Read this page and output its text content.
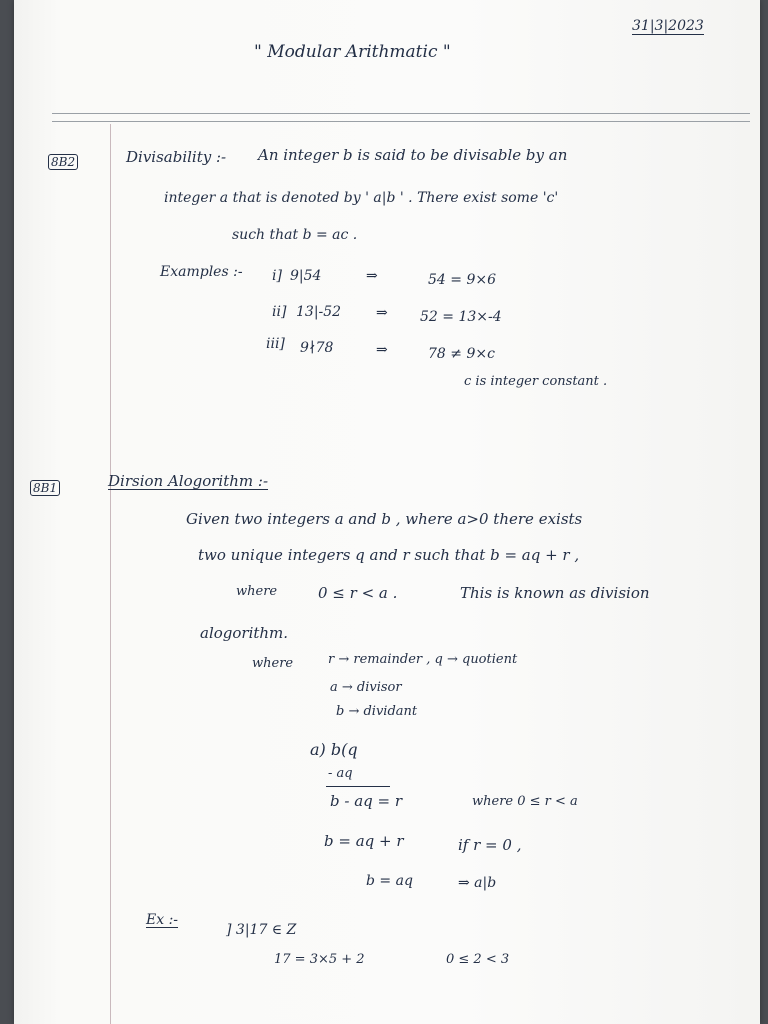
31|3|2023
" Modular Arithmatic "
8B2	Divisability :- An integer b is said to be divisable by an
integer a that is denoted by ' a|b ' . There exist some 'c'
such that b = ac .
Examples :- i] 9|54	⇒	54 = 9×6
ii] 13|-52 ⇒ 52 = 13×-4
iii] 9∤78	⇒	78 ≠ 9×c
c is integer constant .
8B1	Dirsion Alogorithm :-
Given two integers a and b , where a>0 there exists
two unique integers q and r such that b = aq + r ,
where	0 ≤ r < a .	This is known as division
alogorithm.
where	r → remainder , q → quotient
a → divisor
b → dividant
a) b(q
- aq
b - aq = r	where 0 ≤ r < a
b = aq + r	if r = 0 ,
b = aq	⇒ a|b
Ex :-
] 3|17 ∈ Z
17 = 3×5 + 2	0 ≤ 2 < 3
